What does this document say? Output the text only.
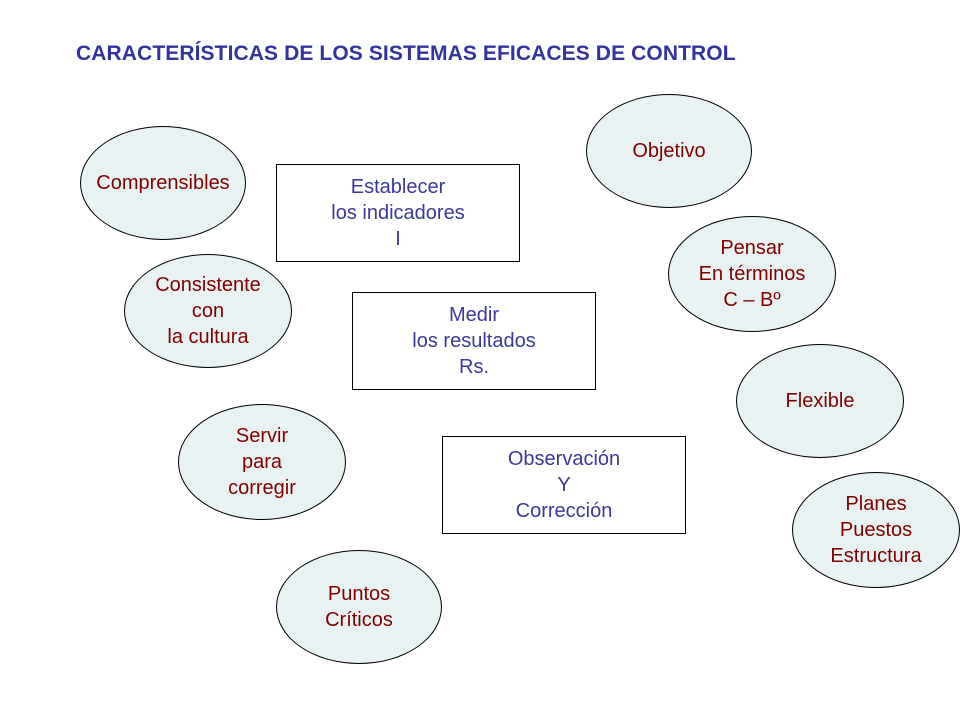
CARACTERÍSTICAS DE LOS SISTEMAS EFICACES DE CONTROL
Comprensibles
Consistente
con
la cultura
Servir
para
corregir
Puntos
Críticos
Objetivo
Pensar
En términos
C – Bº
Flexible
Planes
Puestos
Estructura
Establecer
los indicadores
I
Medir
los resultados
Rs.
Observación
Y
Corrección
